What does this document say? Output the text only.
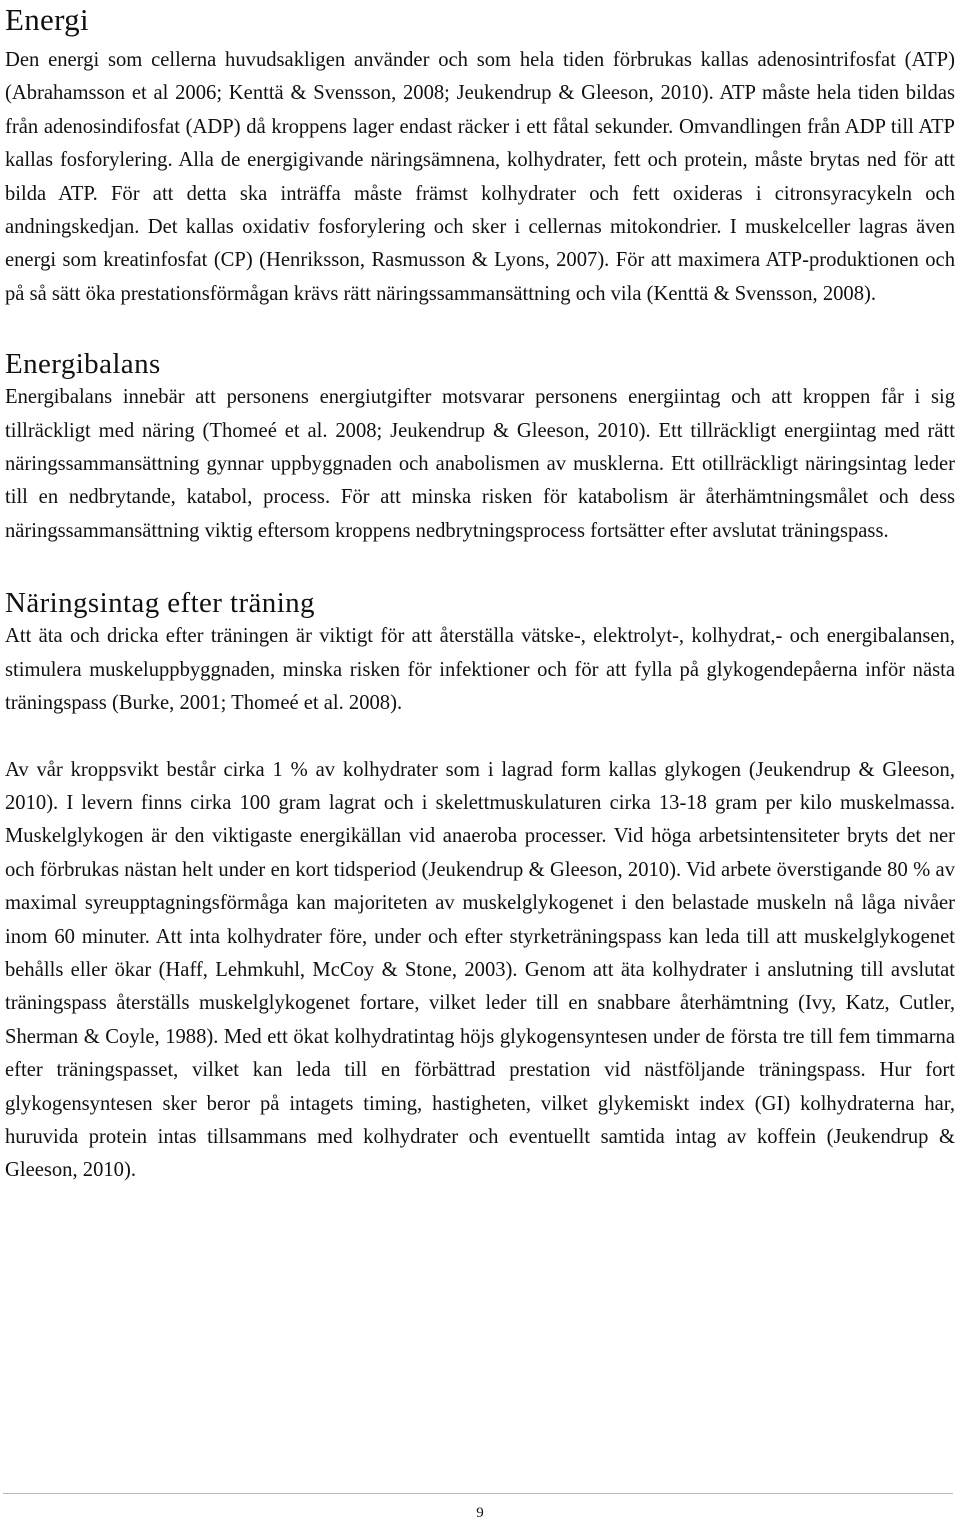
Energi

Den energi som cellerna huvudsakligen använder och som hela tiden förbrukas kallas adenosintrifosfat (ATP) (Abrahamsson et al 2006; Kenttä & Svensson, 2008; Jeukendrup & Gleeson, 2010). ATP måste hela tiden bildas från adenosindifosfat (ADP) då kroppens lager endast räcker i ett fåtal sekunder. Omvandlingen från ADP till ATP kallas fosforylering. Alla de energigivande näringsämnena, kolhydrater, fett och protein, måste brytas ned för att bilda ATP. För att detta ska inträffa måste främst kolhydrater och fett oxideras i citronsyracykeln och andningskedjan. Det kallas oxidativ fosforylering och sker i cellernas mitokondrier. I muskelceller lagras även energi som kreatinfosfat (CP) (Henriksson, Rasmusson & Lyons, 2007). För att maximera ATP-produktionen och på så sätt öka prestationsförmågan krävs rätt näringssammansättning och vila (Kenttä & Svensson, 2008).

Energibalans

Energibalans innebär att personens energiutgifter motsvarar personens energiintag och att kroppen får i sig tillräckligt med näring (Thomeé et al. 2008; Jeukendrup & Gleeson, 2010). Ett tillräckligt energiintag med rätt näringssammansättning gynnar uppbyggnaden och anabolismen av musklerna. Ett otillräckligt näringsintag leder till en nedbrytande, katabol, process. För att minska risken för katabolism är återhämtningsmålet och dess näringssammansättning viktig eftersom kroppens nedbrytningsprocess fortsätter efter avslutat träningspass.

Näringsintag efter träning

Att äta och dricka efter träningen är viktigt för att återställa vätske-, elektrolyt-, kolhydrat,- och energibalansen, stimulera muskeluppbyggnaden, minska risken för infektioner och för att fylla på glykogendepåerna inför nästa träningspass (Burke, 2001; Thomeé et al. 2008).

Av vår kroppsvikt består cirka 1 % av kolhydrater som i lagrad form kallas glykogen (Jeukendrup & Gleeson, 2010). I levern finns cirka 100 gram lagrat och i skelettmuskulaturen cirka 13-18 gram per kilo muskelmassa. Muskelglykogen är den viktigaste energikällan vid anaeroba processer. Vid höga arbetsintensiteter bryts det ner och förbrukas nästan helt under en kort tidsperiod (Jeukendrup & Gleeson, 2010). Vid arbete överstigande 80 % av maximal syreupptagningsförmåga kan majoriteten av muskelglykogenet i den belastade muskeln nå låga nivåer inom 60 minuter. Att inta kolhydrater före, under och efter styrketräningspass kan leda till att muskelglykogenet behålls eller ökar (Haff, Lehmkuhl, McCoy & Stone, 2003). Genom att äta kolhydrater i anslutning till avslutat träningspass återställs muskelglykogenet fortare, vilket leder till en snabbare återhämtning (Ivy, Katz, Cutler, Sherman & Coyle, 1988). Med ett ökat kolhydratintag höjs glykogensyntesen under de första tre till fem timmarna efter träningspasset, vilket kan leda till en förbättrad prestation vid nästföljande träningspass. Hur fort glykogensyntesen sker beror på intagets timing, hastigheten, vilket glykemiskt index (GI) kolhydraterna har, huruvida protein intas tillsammans med kolhydrater och eventuellt samtida intag av koffein (Jeukendrup & Gleeson, 2010).

9
